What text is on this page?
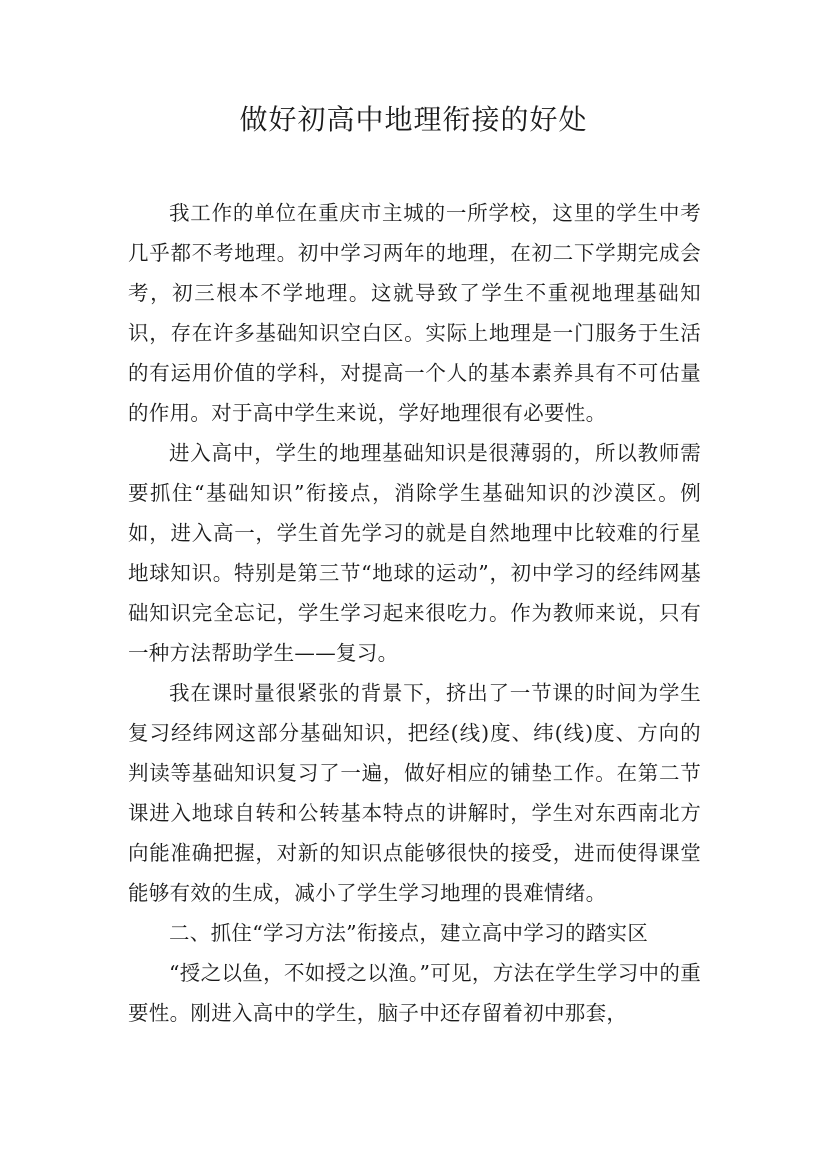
做好初高中地理衔接的好处

我工作的单位在重庆市主城的一所学校，这里的学生中考几乎都不考地理。初中学习两年的地理，在初二下学期完成会考，初三根本不学地理。这就导致了学生不重视地理基础知识，存在许多基础知识空白区。实际上地理是一门服务于生活的有运用价值的学科，对提高一个人的基本素养具有不可估量的作用。对于高中学生来说，学好地理很有必要性。

进入高中，学生的地理基础知识是很薄弱的，所以教师需要抓住“基础知识”衔接点，消除学生基础知识的沙漠区。例如，进入高一，学生首先学习的就是自然地理中比较难的行星地球知识。特别是第三节“地球的运动”，初中学习的经纬网基础知识完全忘记，学生学习起来很吃力。作为教师来说，只有一种方法帮助学生——复习。

我在课时量很紧张的背景下，挤出了一节课的时间为学生复习经纬网这部分基础知识，把经(线)度、纬(线)度、方向的判读等基础知识复习了一遍，做好相应的铺垫工作。在第二节课进入地球自转和公转基本特点的讲解时，学生对东西南北方向能准确把握，对新的知识点能够很快的接受，进而使得课堂能够有效的生成，减小了学生学习地理的畏难情绪。

二、抓住“学习方法”衔接点，建立高中学习的踏实区

“授之以鱼，不如授之以渔。”可见，方法在学生学习中的重要性。刚进入高中的学生，脑子中还存留着初中那套，
